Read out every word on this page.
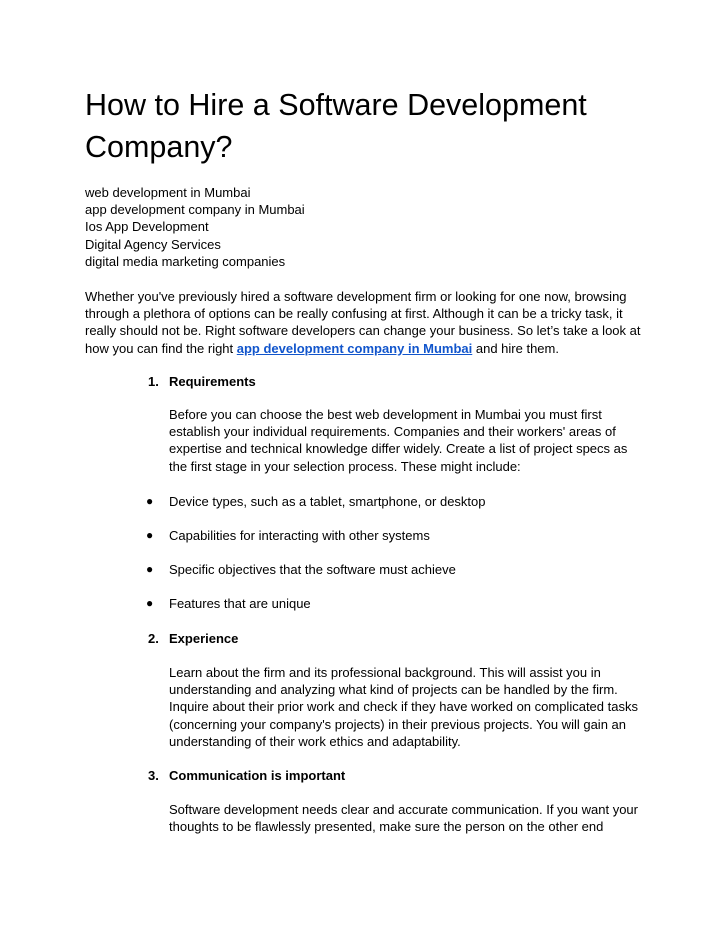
How to Hire a Software Development Company?
web development in Mumbai
app development company in Mumbai
Ios App Development
Digital Agency Services
digital media marketing companies

Whether you've previously hired a software development firm or looking for one now, browsing through a plethora of options can be really confusing at first. Although it can be a tricky task, it really should not be. Right software developers can change your business. So let’s take a look at how you can find the right app development company in Mumbai and hire them.

1. Requirements

Before you can choose the best web development in Mumbai you must first establish your individual requirements. Companies and their workers' areas of expertise and technical knowledge differ widely. Create a list of project specs as the first stage in your selection process. These might include:

● Device types, such as a tablet, smartphone, or desktop
● Capabilities for interacting with other systems
● Specific objectives that the software must achieve
● Features that are unique
2. Experience

Learn about the firm and its professional background. This will assist you in understanding and analyzing what kind of projects can be handled by the firm. Inquire about their prior work and check if they have worked on complicated tasks (concerning your company's projects) in their previous projects. You will gain an understanding of their work ethics and adaptability.

3. Communication is important

Software development needs clear and accurate communication. If you want your thoughts to be flawlessly presented, make sure the person on the other end
